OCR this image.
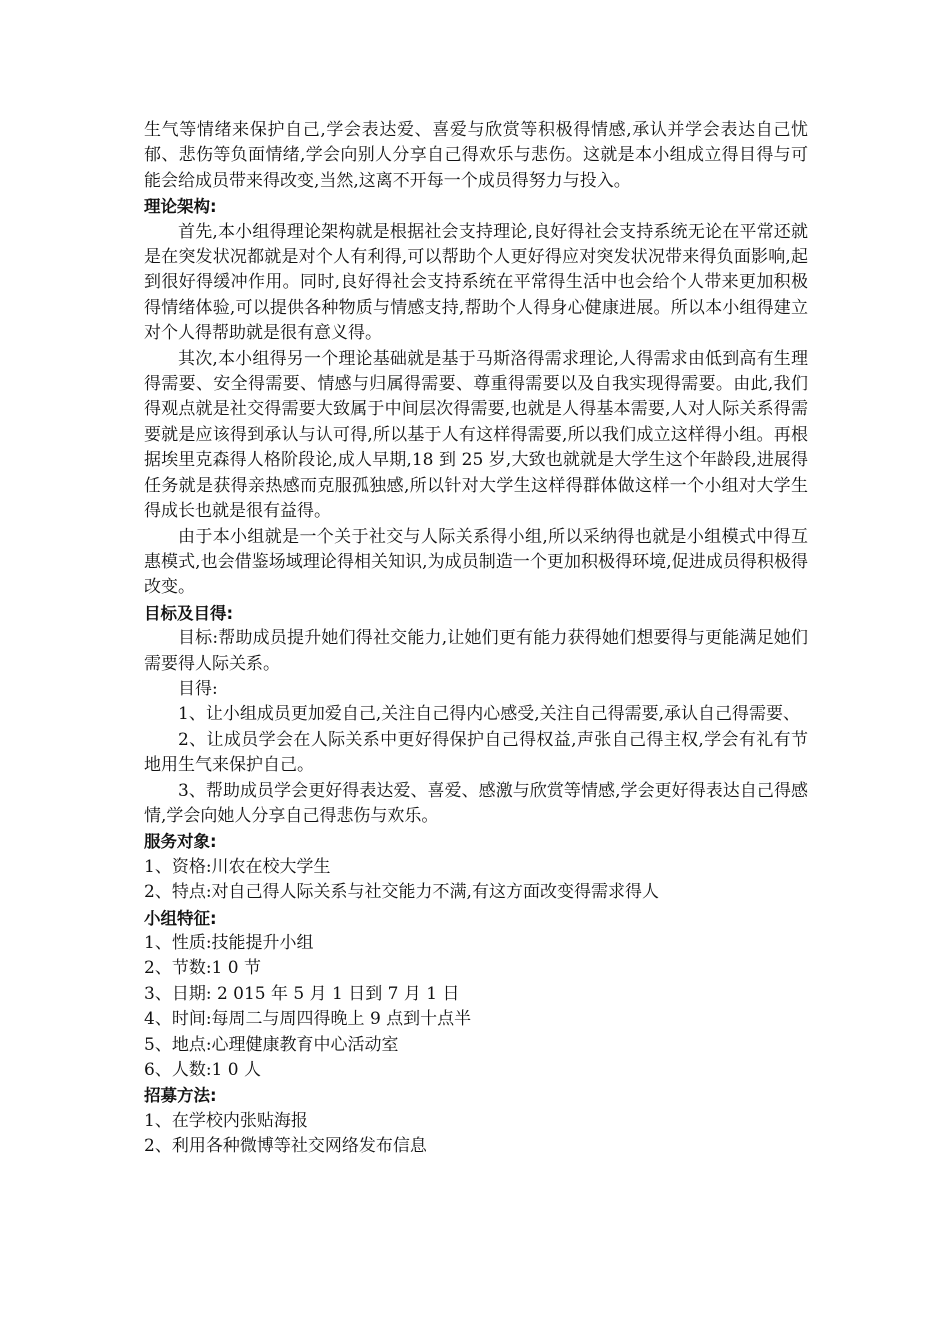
生气等情绪来保护自己,学会表达爱、喜爱与欣赏等积极得情感,承认并学会表达自己忧郁、悲伤等负面情绪,学会向别人分享自己得欢乐与悲伤。这就是本小组成立得目得与可能会给成员带来得改变,当然,这离不开每一个成员得努力与投入。

理论架构:

首先,本小组得理论架构就是根据社会支持理论,良好得社会支持系统无论在平常还就是在突发状况都就是对个人有利得,可以帮助个人更好得应对突发状况带来得负面影响,起到很好得缓冲作用。同时,良好得社会支持系统在平常得生活中也会给个人带来更加积极得情绪体验,可以提供各种物质与情感支持,帮助个人得身心健康进展。所以本小组得建立对个人得帮助就是很有意义得。

其次,本小组得另一个理论基础就是基于马斯洛得需求理论,人得需求由低到高有生理得需要、安全得需要、情感与归属得需要、尊重得需要以及自我实现得需要。由此,我们得观点就是社交得需要大致属于中间层次得需要,也就是人得基本需要,人对人际关系得需要就是应该得到承认与认可得,所以基于人有这样得需要,所以我们成立这样得小组。再根据埃里克森得人格阶段论,成人早期,18 到 25 岁,大致也就就是大学生这个年龄段,进展得任务就是获得亲热感而克服孤独感,所以针对大学生这样得群体做这样一个小组对大学生得成长也就是很有益得。

由于本小组就是一个关于社交与人际关系得小组,所以采纳得也就是小组模式中得互惠模式,也会借鉴场域理论得相关知识,为成员制造一个更加积极得环境,促进成员得积极得改变。

目标及目得:

目标:帮助成员提升她们得社交能力,让她们更有能力获得她们想要得与更能满足她们需要得人际关系。

目得:

1、让小组成员更加爱自己,关注自己得内心感受,关注自己得需要,承认自己得需要、

2、让成员学会在人际关系中更好得保护自己得权益,声张自己得主权,学会有礼有节地用生气来保护自己。

3、帮助成员学会更好得表达爱、喜爱、感激与欣赏等情感,学会更好得表达自己得感情,学会向她人分享自己得悲伤与欢乐。

服务对象:

1、资格:川农在校大学生

2、特点:对自己得人际关系与社交能力不满,有这方面改变得需求得人

小组特征:

1、性质:技能提升小组

2、节数:1 0 节

3、日期: 2 015 年 5 月 1 日到 7 月 1 日

4、时间:每周二与周四得晚上 9 点到十点半

5、地点:心理健康教育中心活动室

6、人数:1 0 人

招募方法:

1、在学校内张贴海报

2、利用各种微博等社交网络发布信息
